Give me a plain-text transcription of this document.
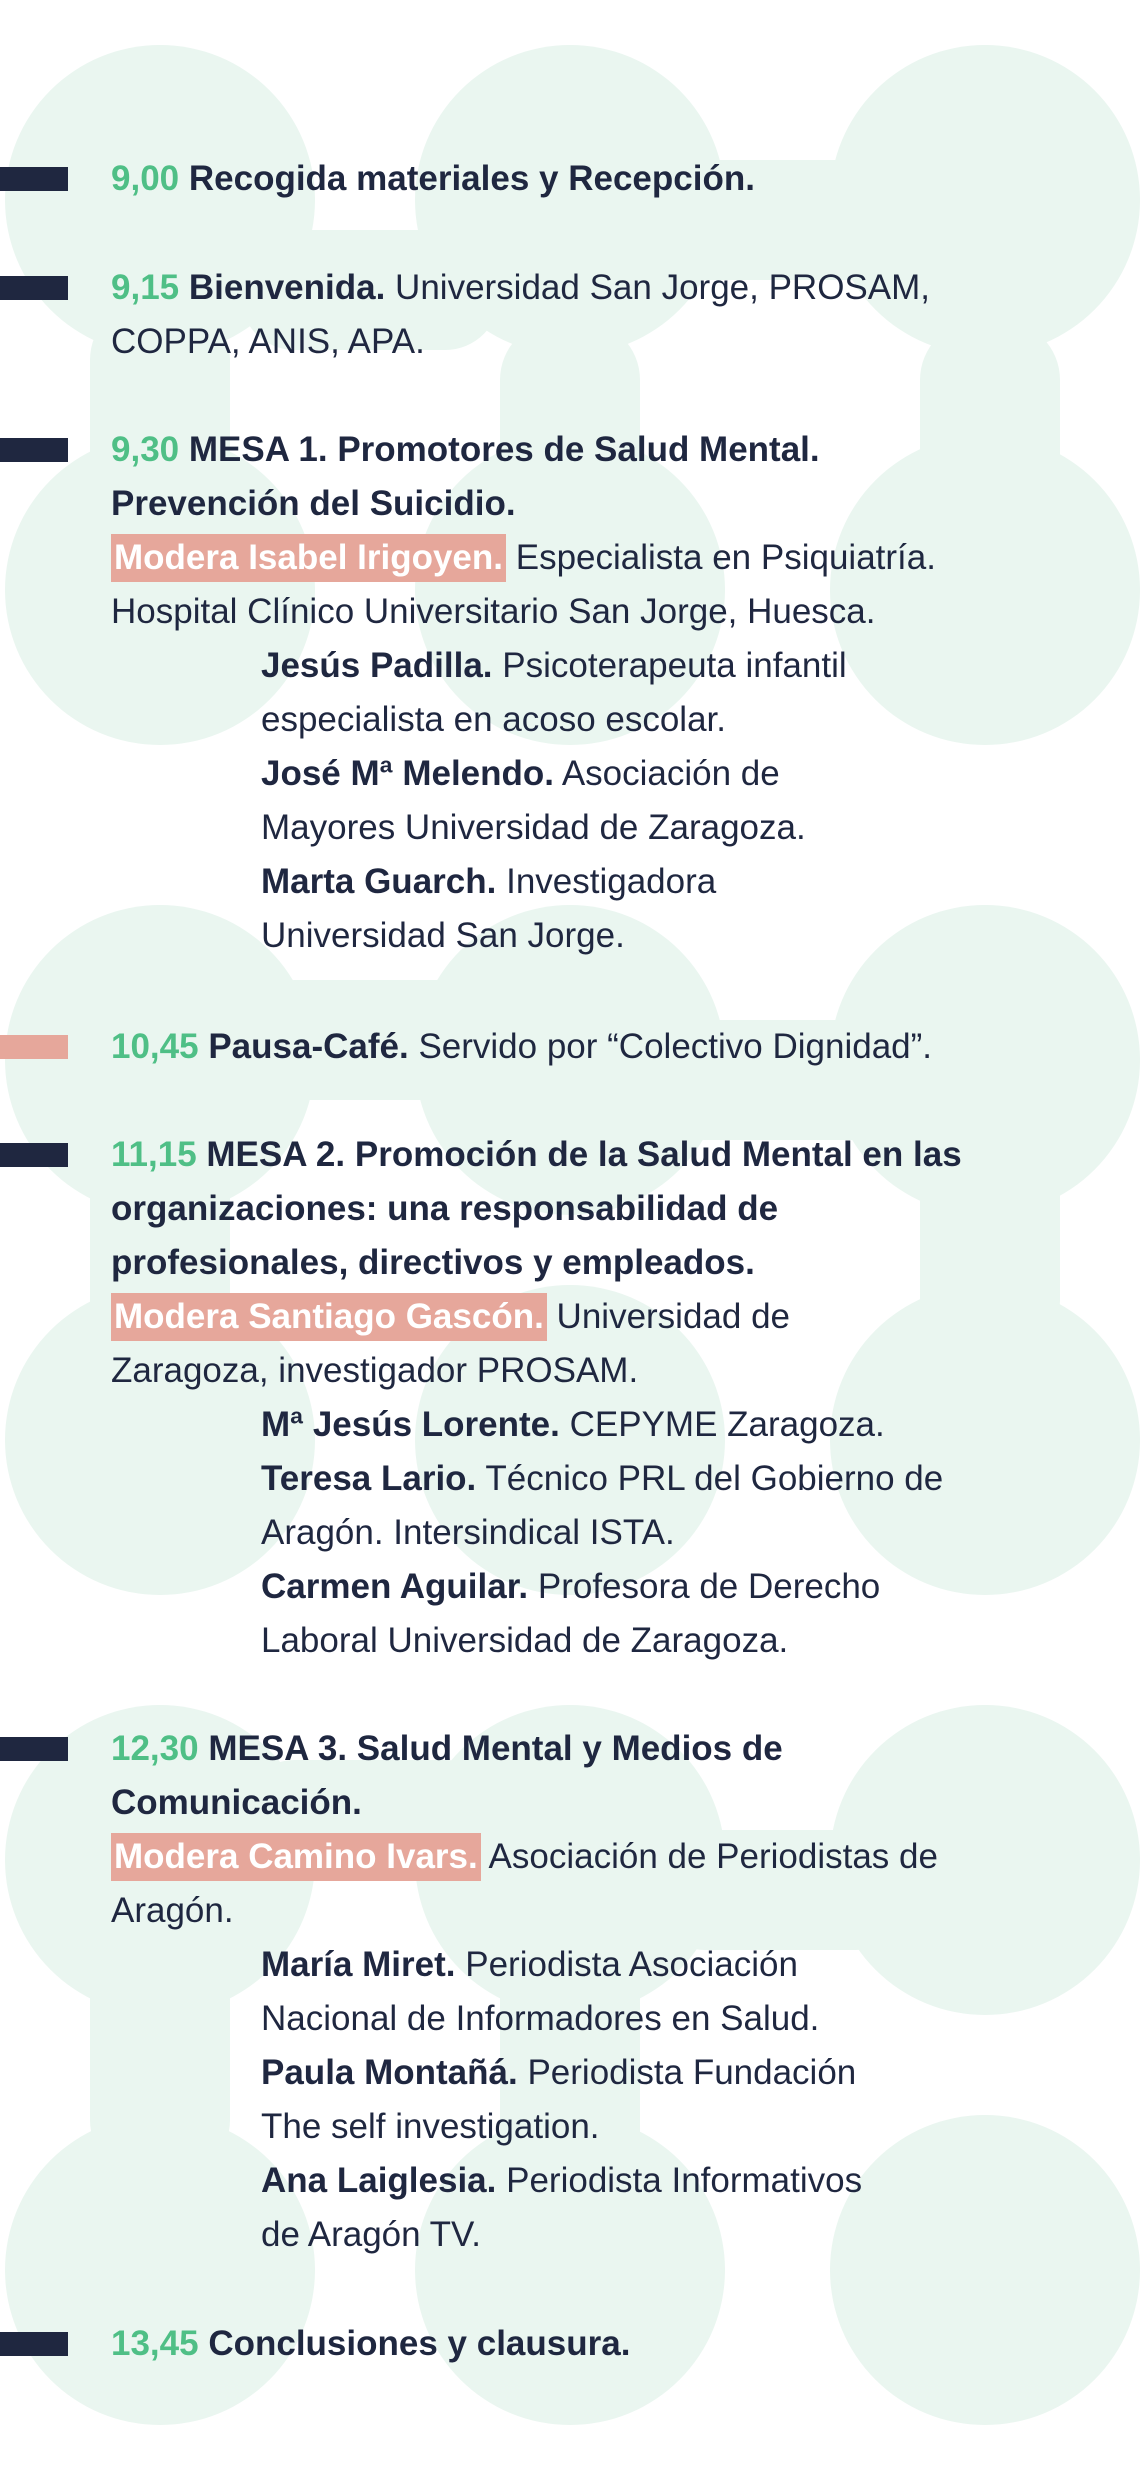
9,00 Recogida materiales y Recepción.
9,15 Bienvenida. Universidad San Jorge, PROSAM,
COPPA, ANIS, APA.
9,30 MESA 1. Promotores de Salud Mental.
Prevención del Suicidio.
Modera Isabel Irigoyen. Especialista en Psiquiatría.
Hospital Clínico Universitario San Jorge, Huesca.
Jesús Padilla. Psicoterapeuta infantil
especialista en acoso escolar.
José Mª Melendo. Asociación de
Mayores Universidad de Zaragoza.
Marta Guarch. Investigadora
Universidad San Jorge.
10,45 Pausa-Café. Servido por “Colectivo Dignidad”.
11,15 MESA 2. Promoción de la Salud Mental en las
organizaciones: una responsabilidad de
profesionales, directivos y empleados.
Modera Santiago Gascón. Universidad de
Zaragoza, investigador PROSAM.
Mª Jesús Lorente. CEPYME Zaragoza.
Teresa Lario. Técnico PRL del Gobierno de
Aragón. Intersindical ISTA.
Carmen Aguilar. Profesora de Derecho
Laboral Universidad de Zaragoza.
12,30 MESA 3. Salud Mental y Medios de
Comunicación.
Modera Camino Ivars. Asociación de Periodistas de
Aragón.
María Miret. Periodista Asociación
Nacional de Informadores en Salud.
Paula Montañá. Periodista Fundación
The self investigation.
Ana Laiglesia. Periodista Informativos
de Aragón TV.
13,45 Conclusiones y clausura.
